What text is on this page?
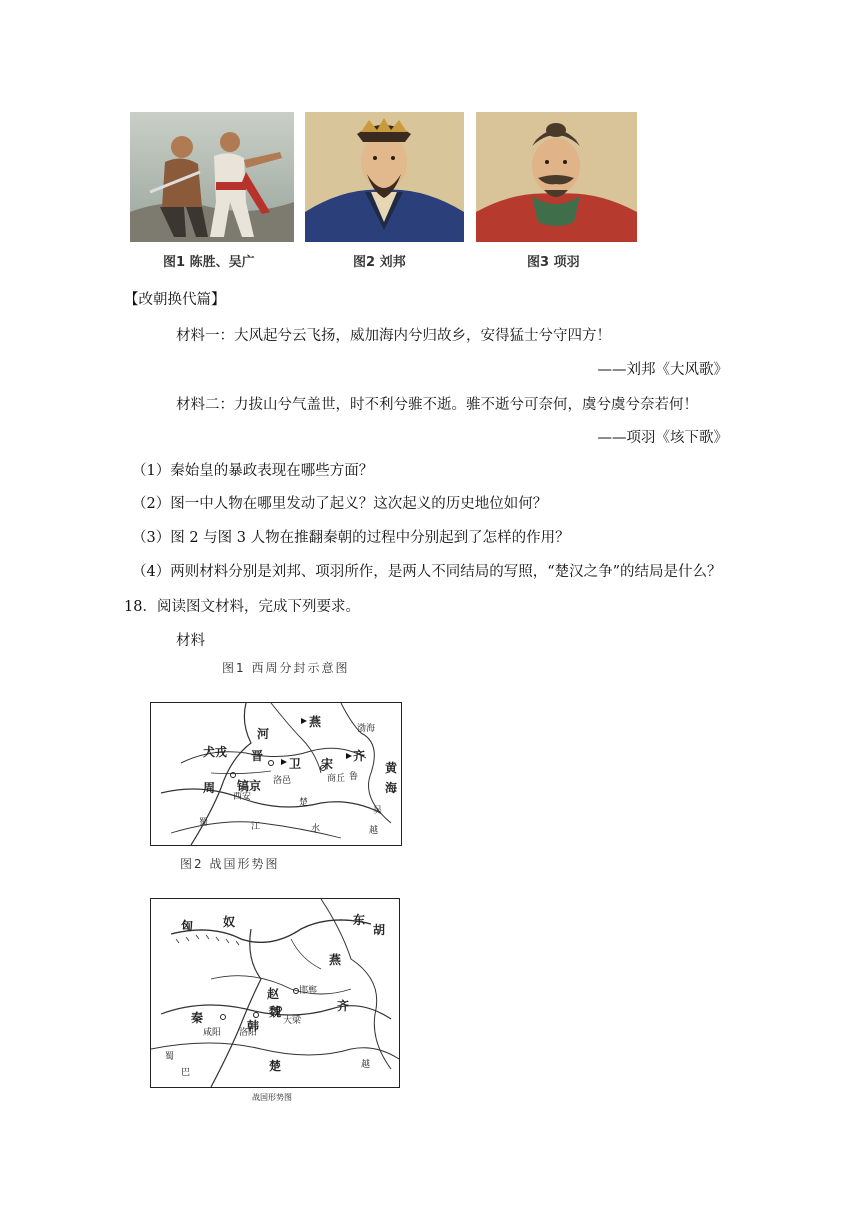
图1 陈胜、吴广	图2 刘邦	图3 项羽
【改朝换代篇】
材料一：大风起兮云飞扬，威加海内兮归故乡，安得猛士兮守四方！
——刘邦《大风歌》
材料二：力拔山兮气盖世，时不利兮骓不逝。骓不逝兮可奈何，虞兮虞兮奈若何！
——项羽《垓下歌》
（1）秦始皇的暴政表现在哪些方面？
（2）图一中人物在哪里发动了起义？这次起义的历史地位如何？
（3）图 2 与图 3 人物在推翻秦朝的过程中分别起到了怎样的作用？
（4）两则材料分别是刘邦、项羽所作，是两人不同结局的写照，“楚汉之争”的结局是什么？
18．阅读图文材料，完成下列要求。
材料
图1 西周分封示意图
燕
犬戎
河
晋
卫 宋
齐
鲁
镐京 洛邑
周
渤海
黄
海
蜀	江	水	越
吴
楚
商丘
西安
图2 战国形势图
匈 奴
燕
赵
魏
韩
秦
齐
楚
洛阳
咸阳
邯郸
大梁
巴
蜀
越
东
胡
战国形势图
